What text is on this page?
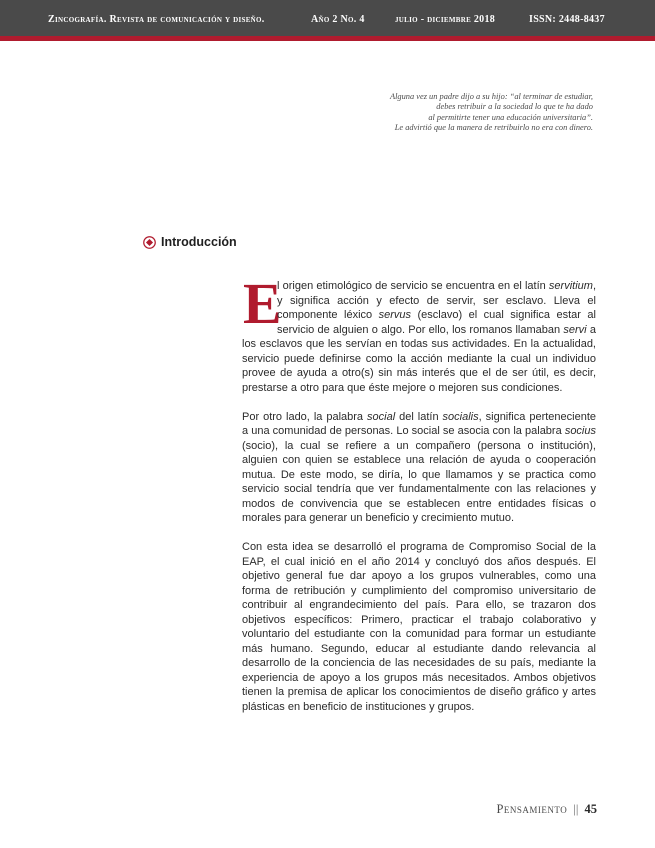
Zincografía. Revista de comunicación y diseño.	Año 2 No. 4	julio - diciembre 2018	ISSN: 2448-8437
Alguna vez un padre dijo a su hijo: “al terminar de estudiar,
debes retribuir a la sociedad lo que te ha dado
al permitirte tener una educación universitaria”.
Le advirtió que la manera de retribuirlo no era con dinero.
Introducción

E
l origen etimológico de servicio se encuentra en el latín servitium, y significa acción y efecto de servir, ser esclavo. Lleva el componente léxico servus (esclavo) el cual significa estar al servicio de alguien o algo. Por ello, los romanos llamaban servi a los esclavos que les servían en todas sus actividades. En la actualidad, servicio puede definirse como la acción mediante la cual un individuo provee de ayuda a otro(s) sin más interés que el de ser útil, es decir, prestarse a otro para que éste mejore o mejoren sus condiciones.

Por otro lado, la palabra social del latín socialis, significa perteneciente a una comunidad de personas. Lo social se asocia con la palabra socius (socio), la cual se refiere a un compañero (persona o institución), alguien con quien se establece una relación de ayuda o cooperación mutua. De este modo, se diría, lo que llamamos y se practica como servicio social tendría que ver fundamentalmente con las relaciones y modos de convivencia que se establecen entre entidades físicas o morales para generar un beneficio y crecimiento mutuo.

Con esta idea se desarrolló el programa de Compromiso Social de la EAP, el cual inició en el año 2014 y concluyó dos años después. El objetivo general fue dar apoyo a los grupos vulnerables, como una forma de retribución y cumplimiento del compromiso universitario de contribuir al engrandecimiento del país. Para ello, se trazaron dos objetivos específicos: Primero, practicar el trabajo colaborativo y voluntario del estudiante con la comunidad para formar un estudiante más humano. Segundo, educar al estudiante dando relevancia al desarrollo de la conciencia de las necesidades de su país, mediante la experiencia de apoyo a los grupos más necesitados. Ambos objetivos tienen la premisa de aplicar los conocimientos de diseño gráfico y artes plásticas en beneficio de instituciones y grupos.

Pensamiento || 45
